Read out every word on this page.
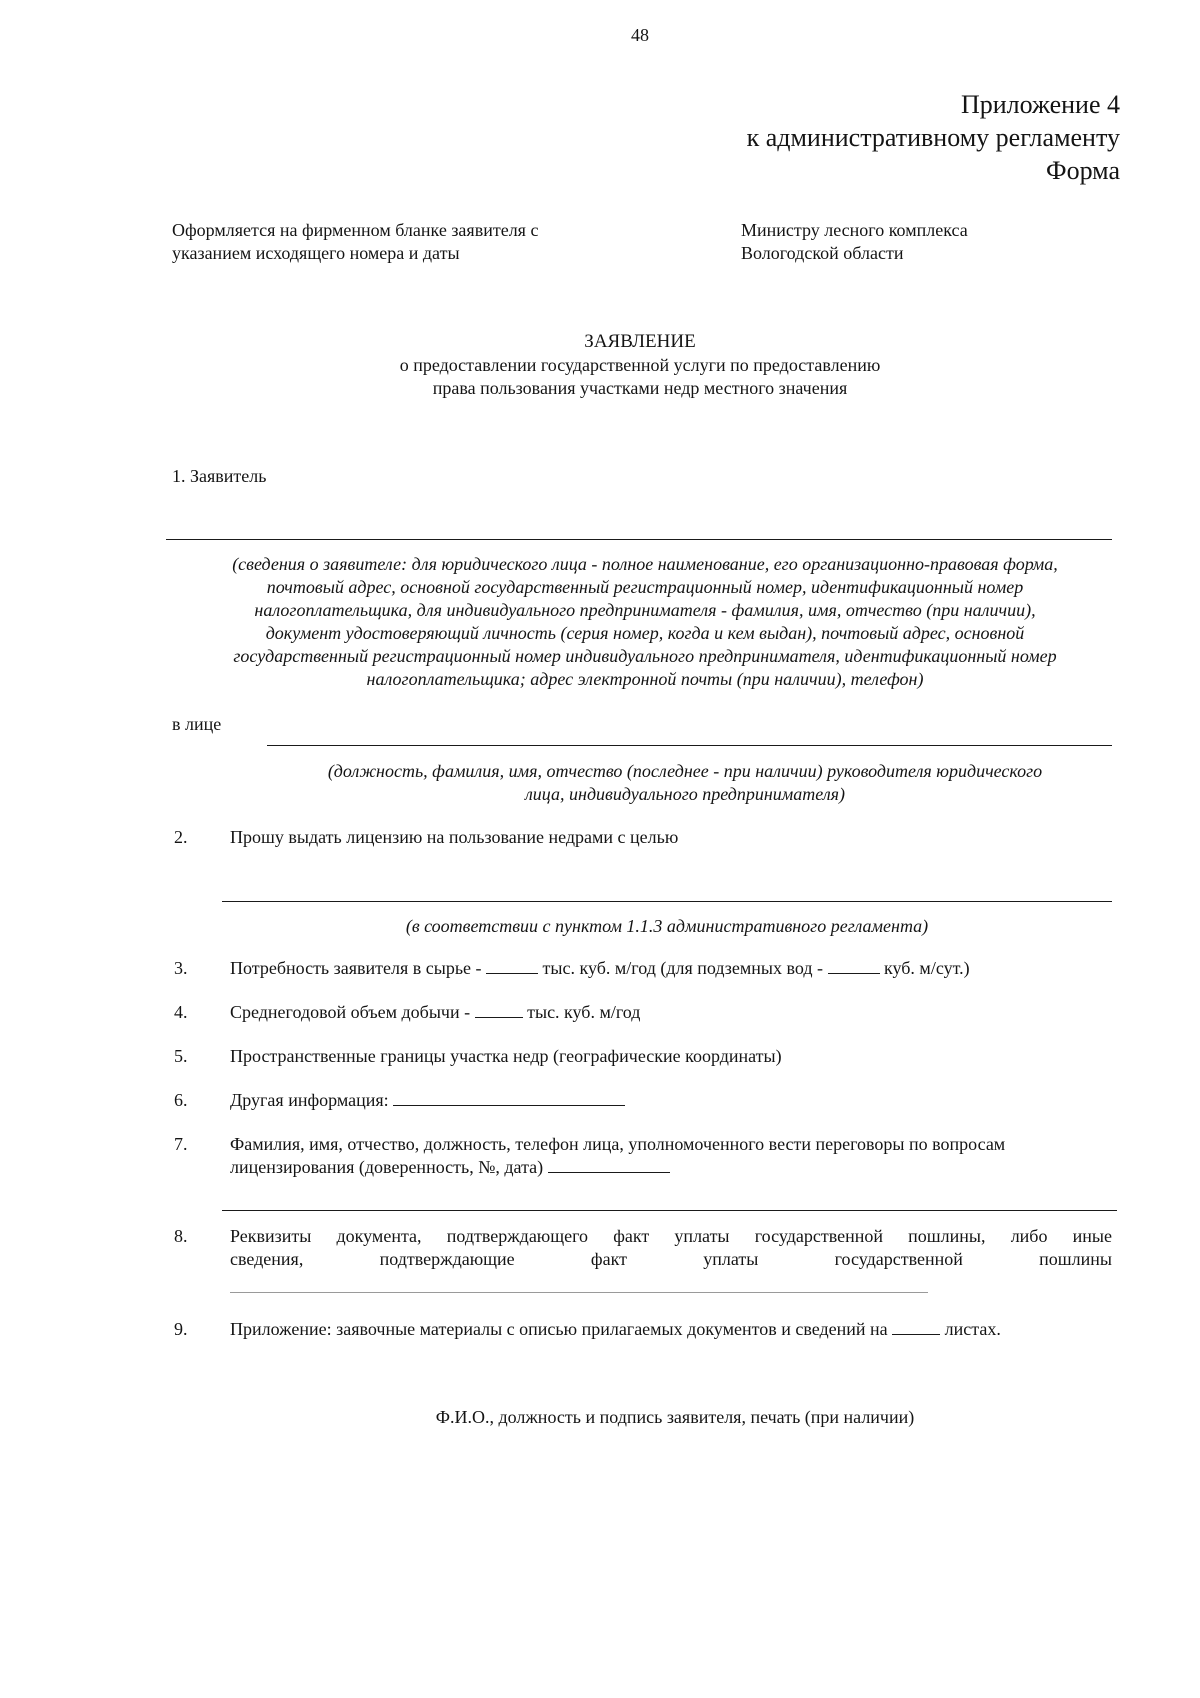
48
Приложение 4
к административному регламенту
Форма
Оформляется на фирменном бланке заявителя с
указанием исходящего номера и даты
Министру лесного комплекса
Вологодской области
ЗАЯВЛЕНИЕ
о предоставлении государственной услуги по предоставлению
права пользования участками недр местного значения
1. Заявитель
(сведения о заявителе: для юридического лица - полное наименование, его организационно-правовая форма,
почтовый адрес, основной государственный регистрационный номер, идентификационный номер
налогоплательщика, для индивидуального предпринимателя - фамилия, имя, отчество (при наличии),
документ удостоверяющий личность (серия номер, когда и кем выдан), почтовый адрес, основной
государственный регистрационный номер индивидуального предпринимателя, идентификационный номер
налогоплательщика; адрес электронной почты (при наличии), телефон)
в лице
(должность, фамилия, имя, отчество (последнее - при наличии) руководителя юридического
лица, индивидуального предпринимателя)
2. Прошу выдать лицензию на пользование недрами с целью
(в соответствии с пунктом 1.1.3 административного регламента)
3. Потребность заявителя в сырье -	тыс. куб. м/год (для подземных вод -	куб. м/сут.)
4. Среднегодовой объем добычи -	тыс. куб. м/год
5. Пространственные границы участка недр (географические координаты)
6. Другая информация:
7. Фамилия, имя, отчество, должность, телефон лица, уполномоченного вести переговоры по вопросам
лицензирования (доверенность, №, дата)
8. Реквизиты документа, подтверждающего факт уплаты государственной пошлины, либо иные
сведения, подтверждающие факт уплаты государственной пошлины
9. Приложение: заявочные материалы с описью прилагаемых документов и сведений на	листах.
Ф.И.О., должность и подпись заявителя, печать (при наличии)
